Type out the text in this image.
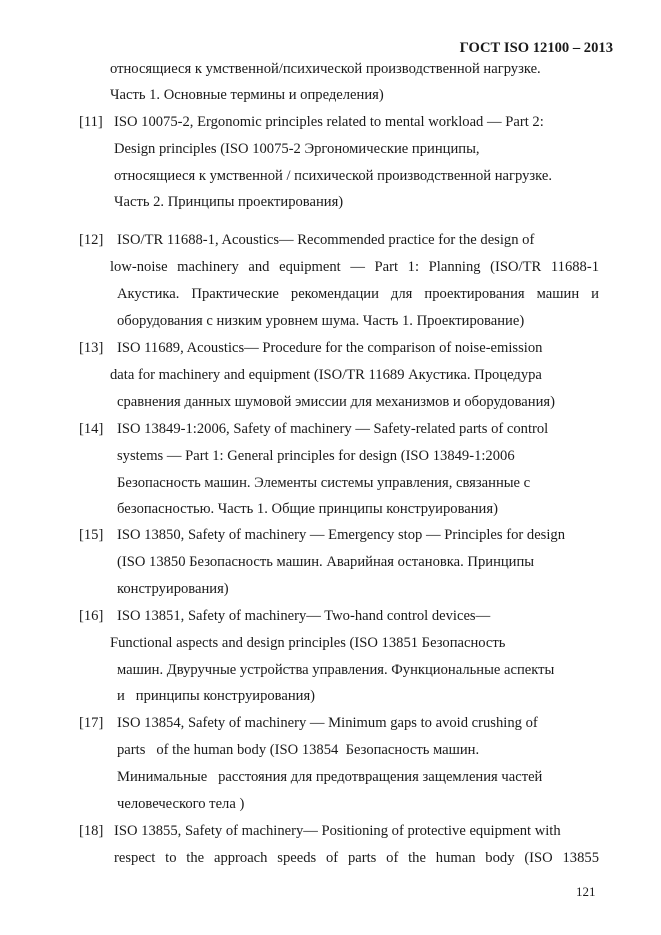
ГОСТ ISO 12100 – 2013
относящиеся к умственной/психической производственной нагрузке.
Часть 1. Основные термины и определения)
[11] ISO 10075-2, Ergonomic principles related to mental workload — Part 2:
Design principles (ISO 10075-2 Эргономические принципы,
относящиеся к умственной / психической производственной нагрузке.
Часть 2. Принципы проектирования)
[12] ISO/TR 11688-1, Acoustics— Recommended practice for the design of
low-noise machinery and equipment — Part 1: Planning (ISO/TR 11688-1
Акустика. Практические рекомендации для проектирования машин и
оборудования с низким уровнем шума. Часть 1. Проектирование)
[13] ISO 11689, Acoustics— Procedure for the comparison of noise-emission
data for machinery and equipment (ISO/TR 11689 Акустика. Процедура
сравнения данных шумовой эмиссии для механизмов и оборудования)
[14] ISO 13849-1:2006, Safety of machinery — Safety-related parts of control
systems — Part 1: General principles for design (ISO 13849-1:2006
Безопасность машин. Элементы системы управления, связанные с
безопасностью. Часть 1. Общие принципы конструирования)
[15] ISO 13850, Safety of machinery — Emergency stop — Principles for design
(ISO 13850 Безопасность машин. Аварийная остановка. Принципы
конструирования)
[16] ISO 13851, Safety of machinery— Two-hand control devices—
Functional aspects and design principles (ISO 13851 Безопасность
машин. Двуручные устройства управления. Функциональные аспекты
и   принципы конструирования)
[17] ISO 13854, Safety of machinery — Minimum gaps to avoid crushing of
parts   of the human body (ISO 13854  Безопасность машин.
Минимальные   расстояния для предотвращения защемления частей
человеческого тела )
[18] ISO 13855, Safety of machinery— Positioning of protective equipment with
respect to the approach speeds of parts of the human body (ISO 13855
121
